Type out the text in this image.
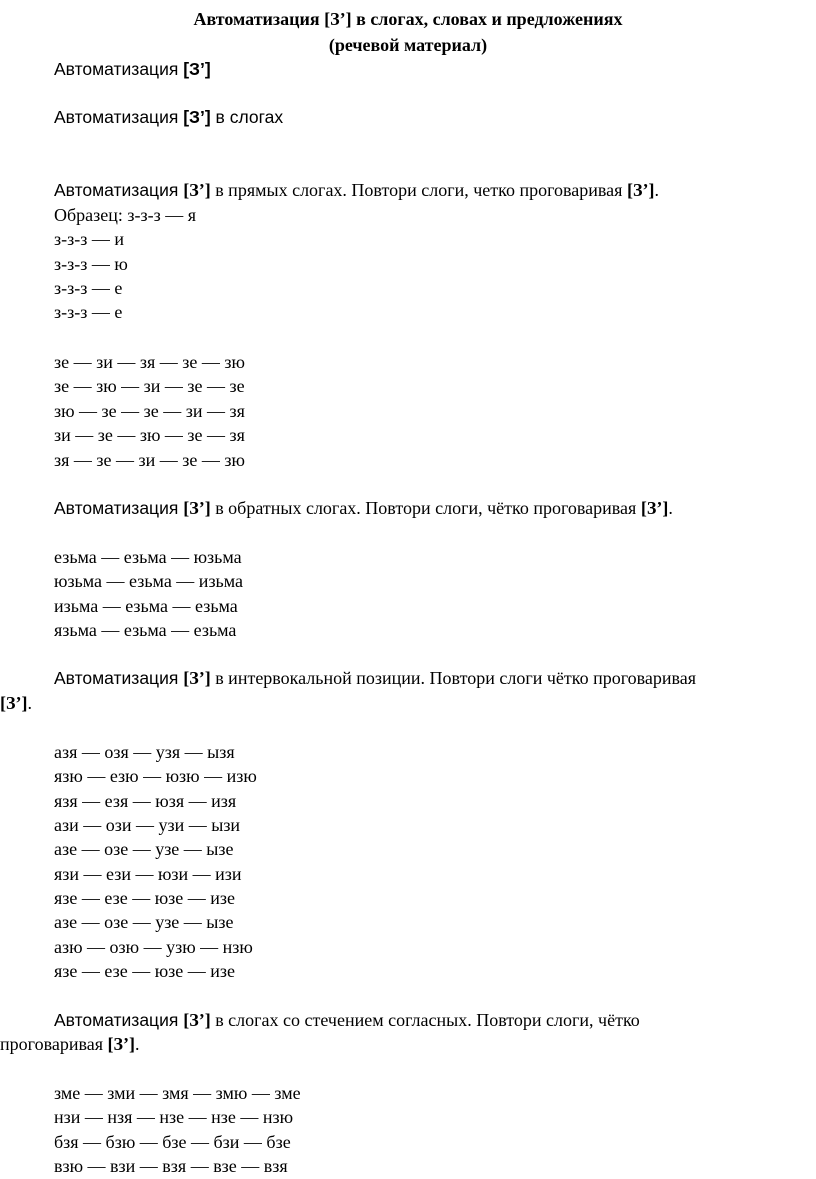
Автоматизация [З’] в слогах, словах и предложениях
(речевой материал)
Автоматизация [З’]
Автоматизация [З’] в слогах
Автоматизация [З’] в прямых слогах. Повтори слоги, четко проговаривая [З’].
Образец: з-з-з — я
з-з-з — и
з-з-з — ю
з-з-з — е
з-з-з — е
зе — зи — зя — зе — зю
зе — зю — зи — зе — зе
зю — зе — зе — зи — зя
зи — зе — зю — зе — зя
зя — зе — зи — зе — зю
Автоматизация [З’] в обратных слогах. Повтори слоги, чётко проговаривая [З’].
езьма — езьма — юзьма
юзьма — езьма — изьма
изьма — езьма — езьма
язьма — езьма — езьма
Автоматизация [З’] в интервокальной позиции. Повтори слоги чётко проговаривая
[З’].
азя — озя — узя — ызя
язю — езю — юзю — изю
язя — езя — юзя — изя
ази — ози — узи — ызи
азе — озе — узе — ызе
язи — ези — юзи — изи
язе — езе — юзе — изе
азе — озе — узе — ызе
азю — озю — узю — нзю
язе — езе — юзе — изе
Автоматизация [З’] в слогах со стечением согласных. Повтори слоги, чётко
проговаривая [З’].
зме — зми — змя — змю — зме
нзи — нзя — нзе — нзе — нзю
бзя — бзю — бзе — бзи — бзе
взю — взи — взя — взе — взя
